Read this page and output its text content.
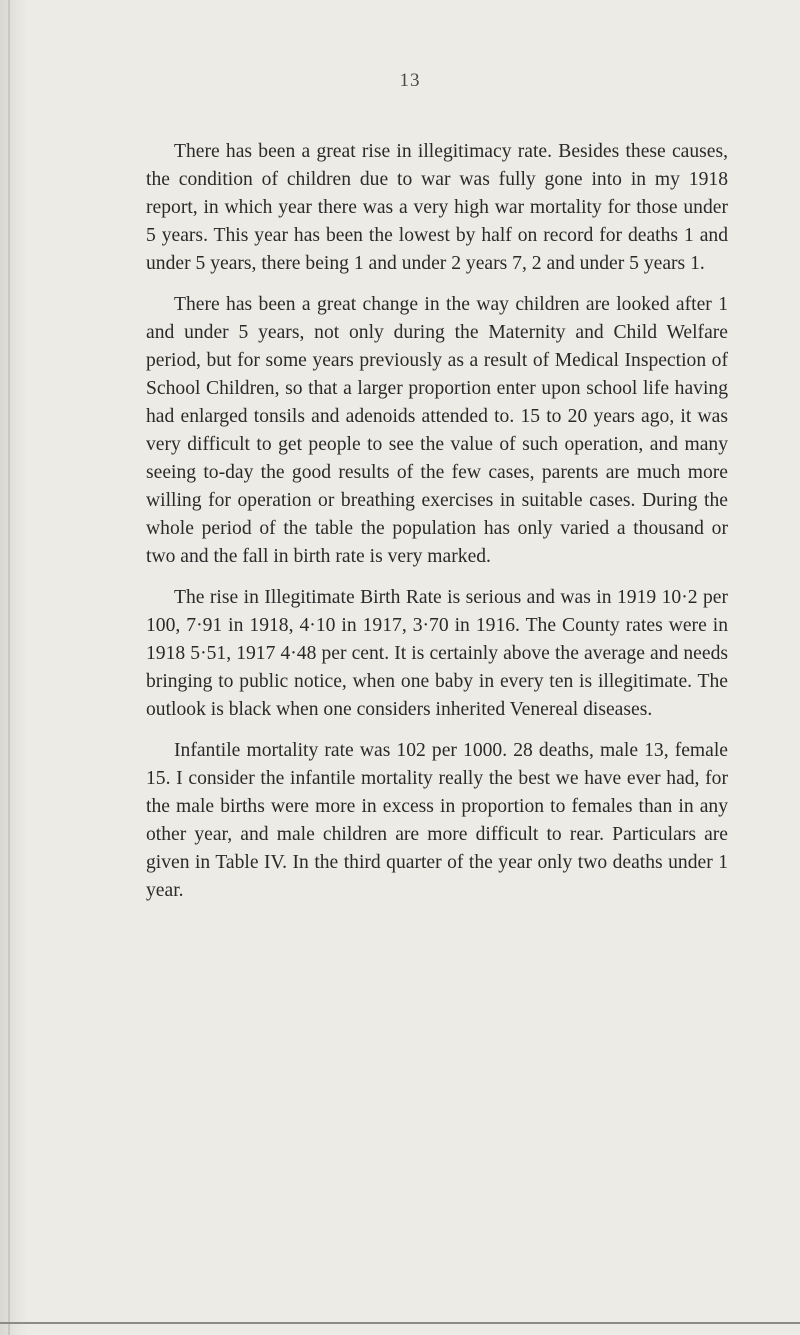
13

There has been a great rise in illegitimacy rate. Besides these causes, the condition of children due to war was fully gone into in my 1918 report, in which year there was a very high war mortality for those under 5 years. This year has been the lowest by half on record for deaths 1 and under 5 years, there being 1 and under 2 years 7, 2 and under 5 years 1.

There has been a great change in the way children are looked after 1 and under 5 years, not only during the Maternity and Child Welfare period, but for some years previously as a result of Medical Inspection of School Children, so that a larger proportion enter upon school life having had enlarged tonsils and adenoids attended to. 15 to 20 years ago, it was very difficult to get people to see the value of such operation, and many seeing to-day the good results of the few cases, parents are much more willing for operation or breathing exercises in suitable cases. During the whole period of the table the population has only varied a thousand or two and the fall in birth rate is very marked.

The rise in Illegitimate Birth Rate is serious and was in 1919 10·2 per 100, 7·91 in 1918, 4·10 in 1917, 3·70 in 1916. The County rates were in 1918 5·51, 1917 4·48 per cent. It is certainly above the average and needs bringing to public notice, when one baby in every ten is illegitimate. The outlook is black when one considers inherited Venereal diseases.

Infantile mortality rate was 102 per 1000. 28 deaths, male 13, female 15. I consider the infantile mortality really the best we have ever had, for the male births were more in excess in proportion to females than in any other year, and male children are more difficult to rear. Particulars are given in Table IV. In the third quarter of the year only two deaths under 1 year.
